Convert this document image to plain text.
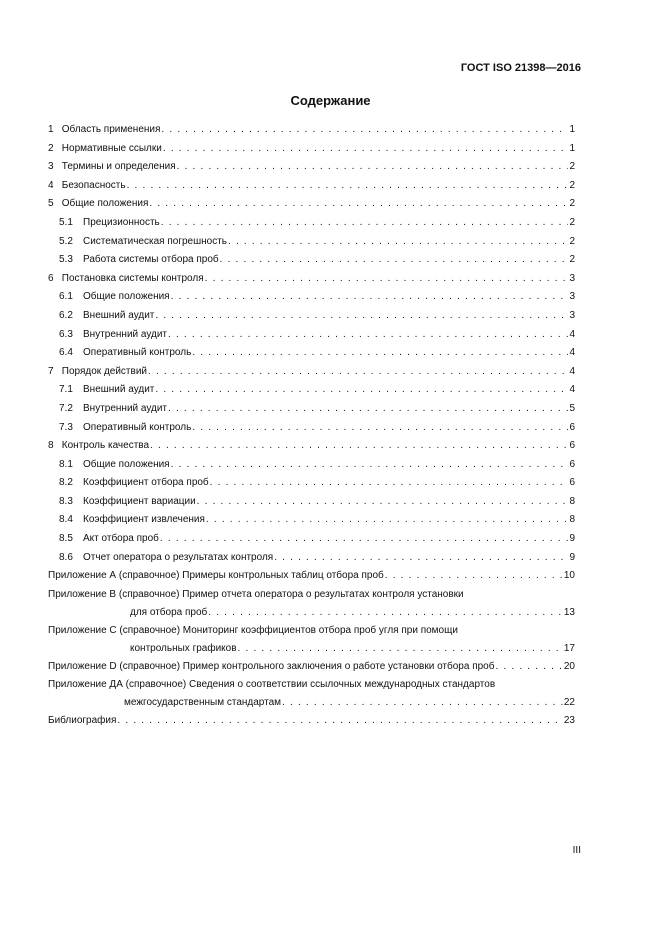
ГОСТ ISO 21398—2016
Содержание
1 Область применения . . .	1
2 Нормативные ссылки . . .	1
3 Термины и определения . . .	2
4 Безопасность . . .	2
5 Общие положения . . .	2
5.1 Прецизионность . . .	2
5.2 Систематическая погрешность . . .	2
5.3 Работа системы отбора проб . . .	2
6 Постановка системы контроля . . .	3
6.1 Общие положения . . .	3
6.2 Внешний аудит . . .	3
6.3 Внутренний аудит . . .	4
6.4 Оперативный контроль . . .	4
7 Порядок действий . . .	4
7.1 Внешний аудит . . .	4
7.2 Внутренний аудит . . .	5
7.3 Оперативный контроль . . .	6
8 Контроль качества . . .	6
8.1 Общие положения . . .	6
8.2 Коэффициент отбора проб . . .	6
8.3 Коэффициент вариации . . .	8
8.4 Коэффициент извлечения . . .	8
8.5 Акт отбора проб . . .	9
8.6 Отчет оператора о результатах контроля . . .	9
Приложение А (справочное) Примеры контрольных таблиц отбора проб . . .	10
Приложение В (справочное) Пример отчета оператора о результатах контроля установки
для отбора проб . . .	13
Приложение С (справочное) Мониторинг коэффициентов отбора проб угля при помощи
контрольных графиков . . .	17
Приложение D (справочное) Пример контрольного заключения о работе установки отбора проб . . .	20
Приложение ДА (справочное) Сведения о соответствии ссылочных международных стандартов
межгосударственным стандартам . . .	22
Библиография . . .	23
III
